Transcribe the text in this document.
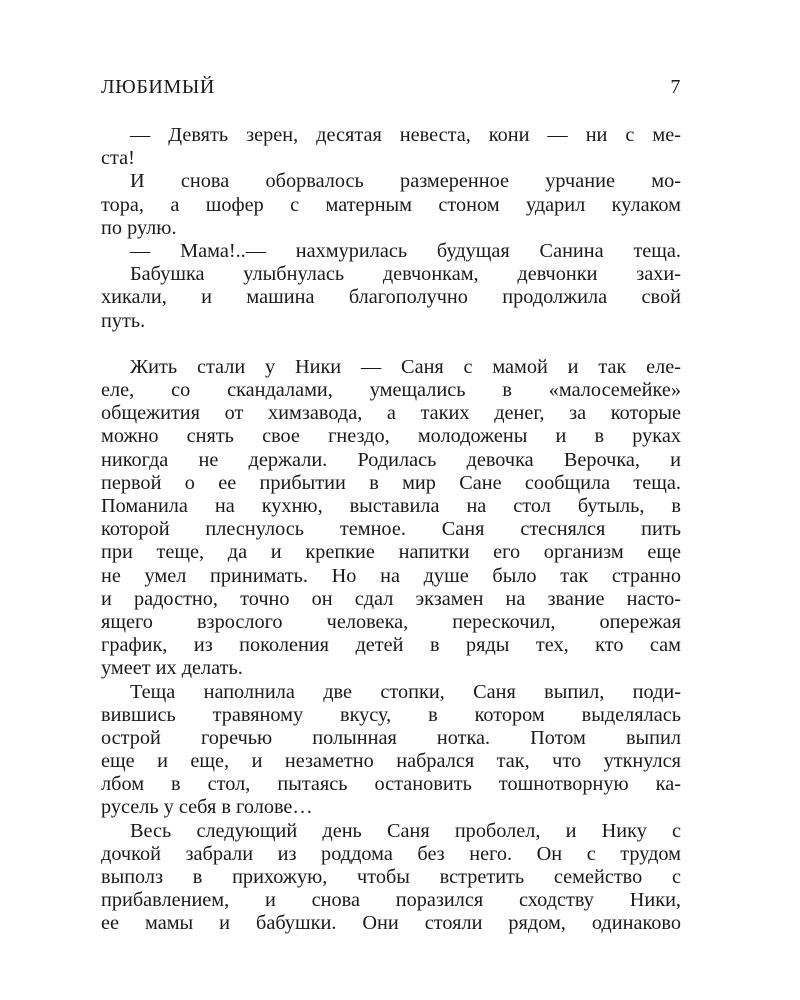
ЛЮБИМЫЙ	7
— Девять зерен, десятая невеста, кони — ни с ме-
ста!
И снова оборвалось размеренное урчание мо-
тора, а шофер с матерным стоном ударил кулаком
по рулю.
— Мама!..— нахмурилась будущая Санина теща.
Бабушка улыбнулась девчонкам, девчонки захи-
хикали, и машина благополучно продолжила свой
путь.
Жить стали у Ники — Саня с мамой и так еле-
еле, со скандалами, умещались в «малосемейке»
общежития от химзавода, а таких денег, за которые
можно снять свое гнездо, молодожены и в руках
никогда не держали. Родилась девочка Верочка, и
первой о ее прибытии в мир Сане сообщила теща.
Поманила на кухню, выставила на стол бутыль, в
которой плеснулось темное. Саня стеснялся пить
при теще, да и крепкие напитки его организм еще
не умел принимать. Но на душе было так странно
и радостно, точно он сдал экзамен на звание насто-
ящего взрослого человека, перескочил, опережая
график, из поколения детей в ряды тех, кто сам
умеет их делать.
Теща наполнила две стопки, Саня выпил, поди-
вившись травяному вкусу, в котором выделялась
острой горечью полынная нотка. Потом выпил
еще и еще, и незаметно набрался так, что уткнулся
лбом в стол, пытаясь остановить тошнотворную ка-
русель у себя в голове…
Весь следующий день Саня проболел, и Нику с
дочкой забрали из роддома без него. Он с трудом
выполз в прихожую, чтобы встретить семейство с
прибавлением, и снова поразился сходству Ники,
ее мамы и бабушки. Они стояли рядом, одинаково
